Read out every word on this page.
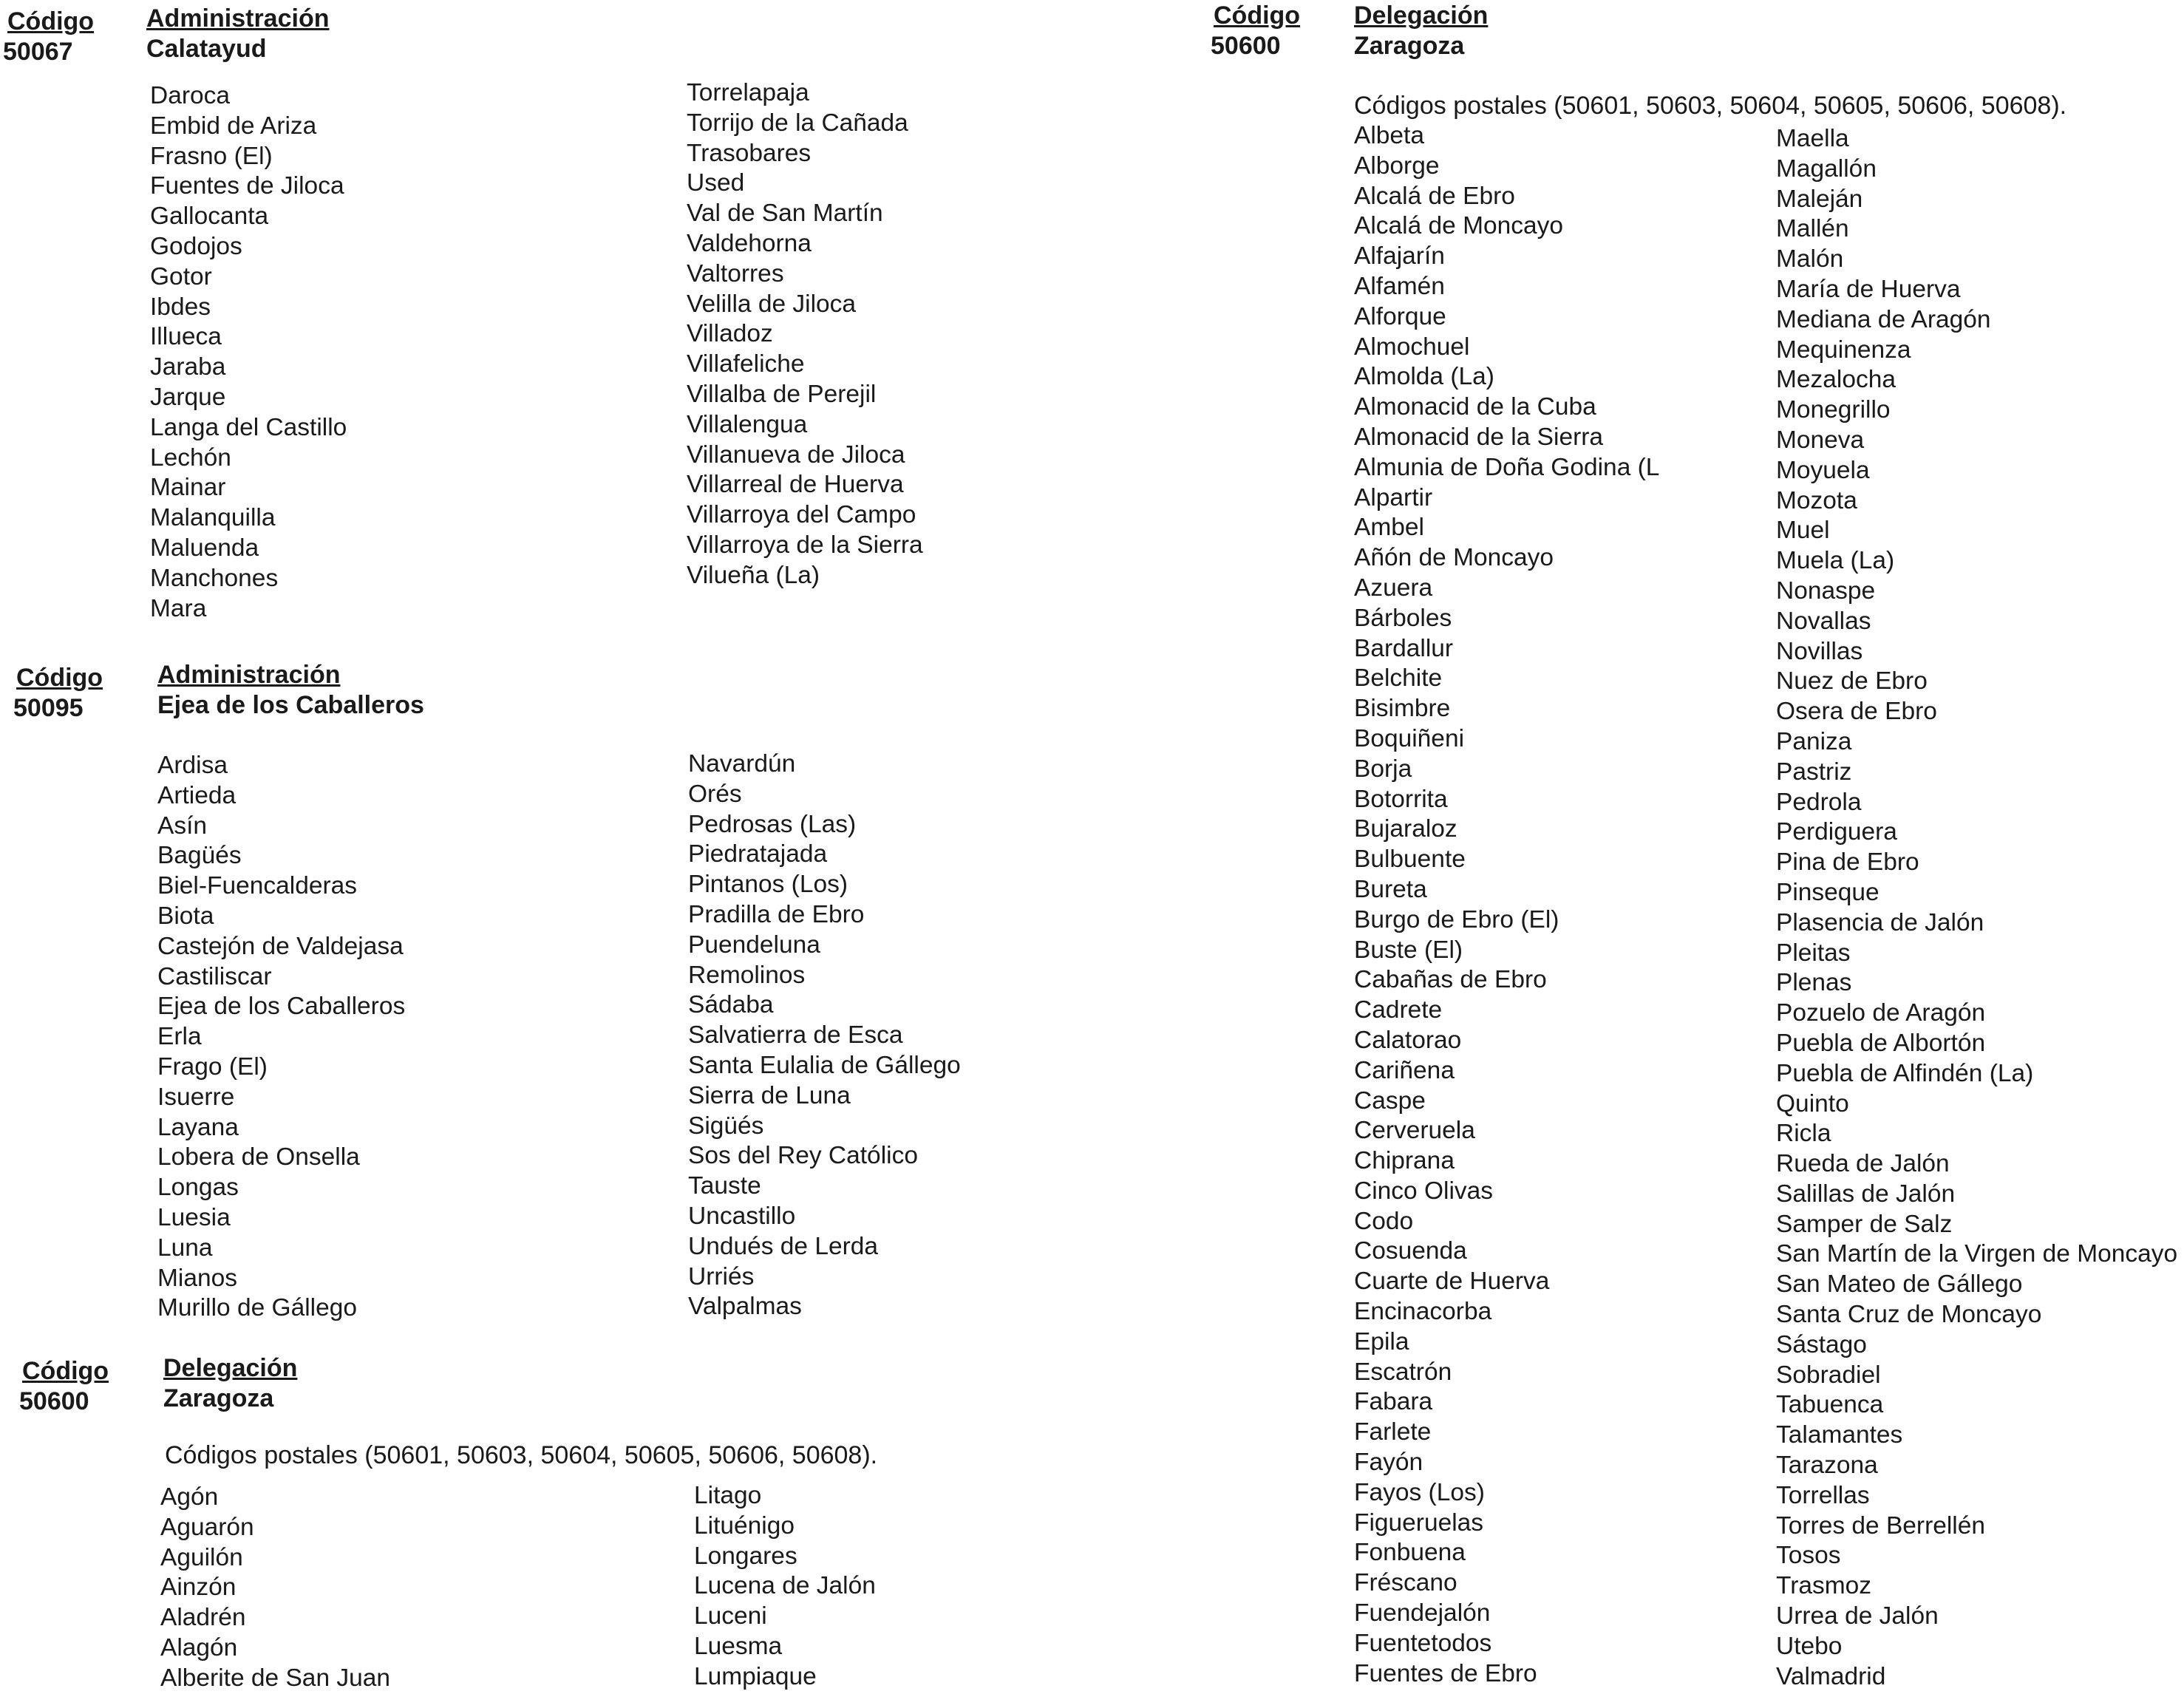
Código
50067
Administración
Calatayud
Daroca
Embid de Ariza
Frasno (El)
Fuentes de Jiloca
Gallocanta
Godojos
Gotor
Ibdes
Illueca
Jaraba
Jarque
Langa del Castillo
Lechón
Mainar
Malanquilla
Maluenda
Manchones
Mara
Torrelapaja
Torrijo de la Cañada
Trasobares
Used
Val de San Martín
Valdehorna
Valtorres
Velilla de Jiloca
Villadoz
Villafeliche
Villalba de Perejil
Villalengua
Villanueva de Jiloca
Villarreal de Huerva
Villarroya del Campo
Villarroya de la Sierra
Vilueña (La)
Código
50095
Administración
Ejea de los Caballeros
Ardisa
Artieda
Asín
Bagüés
Biel-Fuencalderas
Biota
Castejón de Valdejasa
Castiliscar
Ejea de los Caballeros
Erla
Frago (El)
Isuerre
Layana
Lobera de Onsella
Longas
Luesia
Luna
Mianos
Murillo de Gállego
Navardún
Orés
Pedrosas (Las)
Piedratajada
Pintanos (Los)
Pradilla de Ebro
Puendeluna
Remolinos
Sádaba
Salvatierra de Esca
Santa Eulalia de Gállego
Sierra de Luna
Sigüés
Sos del Rey Católico
Tauste
Uncastillo
Undués de Lerda
Urriés
Valpalmas
Código
50600
Delegación
Zaragoza
Códigos postales (50601, 50603, 50604, 50605, 50606, 50608).
Agón
Aguarón
Aguilón
Ainzón
Aladrén
Alagón
Alberite de San Juan
Litago
Lituénigo
Longares
Lucena de Jalón
Luceni
Luesma
Lumpiaque
Código
50600
Delegación
Zaragoza
Códigos postales (50601, 50603, 50604, 50605, 50606, 50608).
Albeta
Alborge
Alcalá de Ebro
Alcalá de Moncayo
Alfajarín
Alfamén
Alforque
Almochuel
Almolda (La)
Almonacid de la Cuba
Almonacid de la Sierra
Almunia de Doña Godina (L
Alpartir
Ambel
Añón de Moncayo
Azuera
Bárboles
Bardallur
Belchite
Bisimbre
Boquiñeni
Borja
Botorrita
Bujaraloz
Bulbuente
Bureta
Burgo de Ebro (El)
Buste (El)
Cabañas de Ebro
Cadrete
Calatorao
Cariñena
Caspe
Cerveruela
Chiprana
Cinco Olivas
Codo
Cosuenda
Cuarte de Huerva
Encinacorba
Epila
Escatrón
Fabara
Farlete
Fayón
Fayos (Los)
Figueruelas
Fonbuena
Fréscano
Fuendejalón
Fuentetodos
Fuentes de Ebro
Maella
Magallón
Maleján
Mallén
Malón
María de Huerva
Mediana de Aragón
Mequinenza
Mezalocha
Monegrillo
Moneva
Moyuela
Mozota
Muel
Muela (La)
Nonaspe
Novallas
Novillas
Nuez de Ebro
Osera de Ebro
Paniza
Pastriz
Pedrola
Perdiguera
Pina de Ebro
Pinseque
Plasencia de Jalón
Pleitas
Plenas
Pozuelo de Aragón
Puebla de Albortón
Puebla de Alfindén (La)
Quinto
Ricla
Rueda de Jalón
Salillas de Jalón
Samper de Salz
San Martín de la Virgen de Moncayo
San Mateo de Gállego
Santa Cruz de Moncayo
Sástago
Sobradiel
Tabuenca
Talamantes
Tarazona
Torrellas
Torres de Berrellén
Tosos
Trasmoz
Urrea de Jalón
Utebo
Valmadrid
